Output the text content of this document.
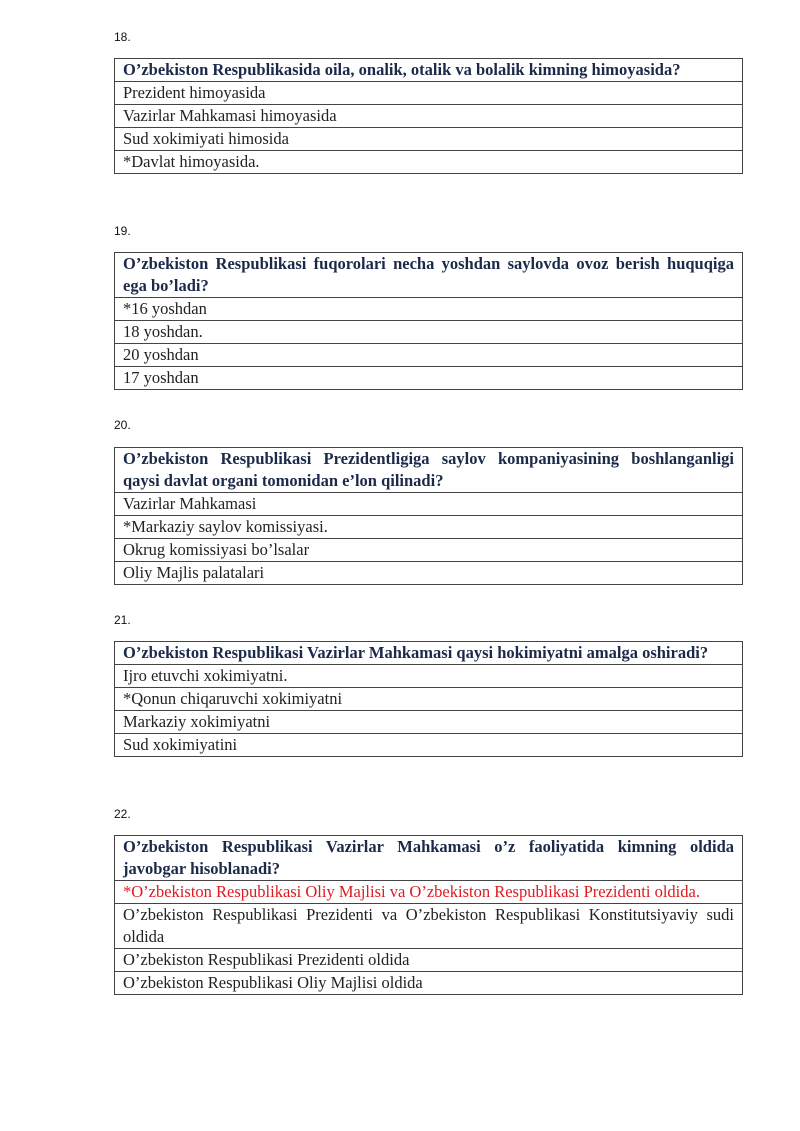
18.
O’zbekiston Respublikasida oila, onalik, otalik va bolalik kimning himoyasida?
Prezident himoyasida
Vazirlar Mahkamasi himoyasida
Sud xokimiyati himosida
*Davlat himoyasida.
19.
O’zbekiston Respublikasi fuqorolari necha yoshdan saylovda ovoz berish huquqiga ega bo’ladi?
*16 yoshdan
18 yoshdan.
20 yoshdan
17 yoshdan
20.
O’zbekiston Respublikasi Prezidentligiga saylov kompaniyasining boshlanganligi qaysi davlat organi tomonidan e’lon qilinadi?
Vazirlar Mahkamasi
*Markaziy saylov komissiyasi.
Okrug komissiyasi bo’lsalar
Oliy Majlis palatalari
21.
O’zbekiston Respublikasi Vazirlar Mahkamasi qaysi hokimiyatni amalga oshiradi?
Ijro etuvchi xokimiyatni.
*Qonun chiqaruvchi xokimiyatni
Markaziy xokimiyatni
Sud xokimiyatini
22.
O’zbekiston Respublikasi Vazirlar Mahkamasi o’z faoliyatida kimning oldida javobgar hisoblanadi?
*O’zbekiston Respublikasi Oliy Majlisi va O’zbekiston Respublikasi Prezidenti oldida.
O’zbekiston Respublikasi Prezidenti va O’zbekiston Respublikasi Konstitutsiyaviy sudi oldida
O’zbekiston Respublikasi Prezidenti oldida
O’zbekiston Respublikasi Oliy Majlisi oldida
